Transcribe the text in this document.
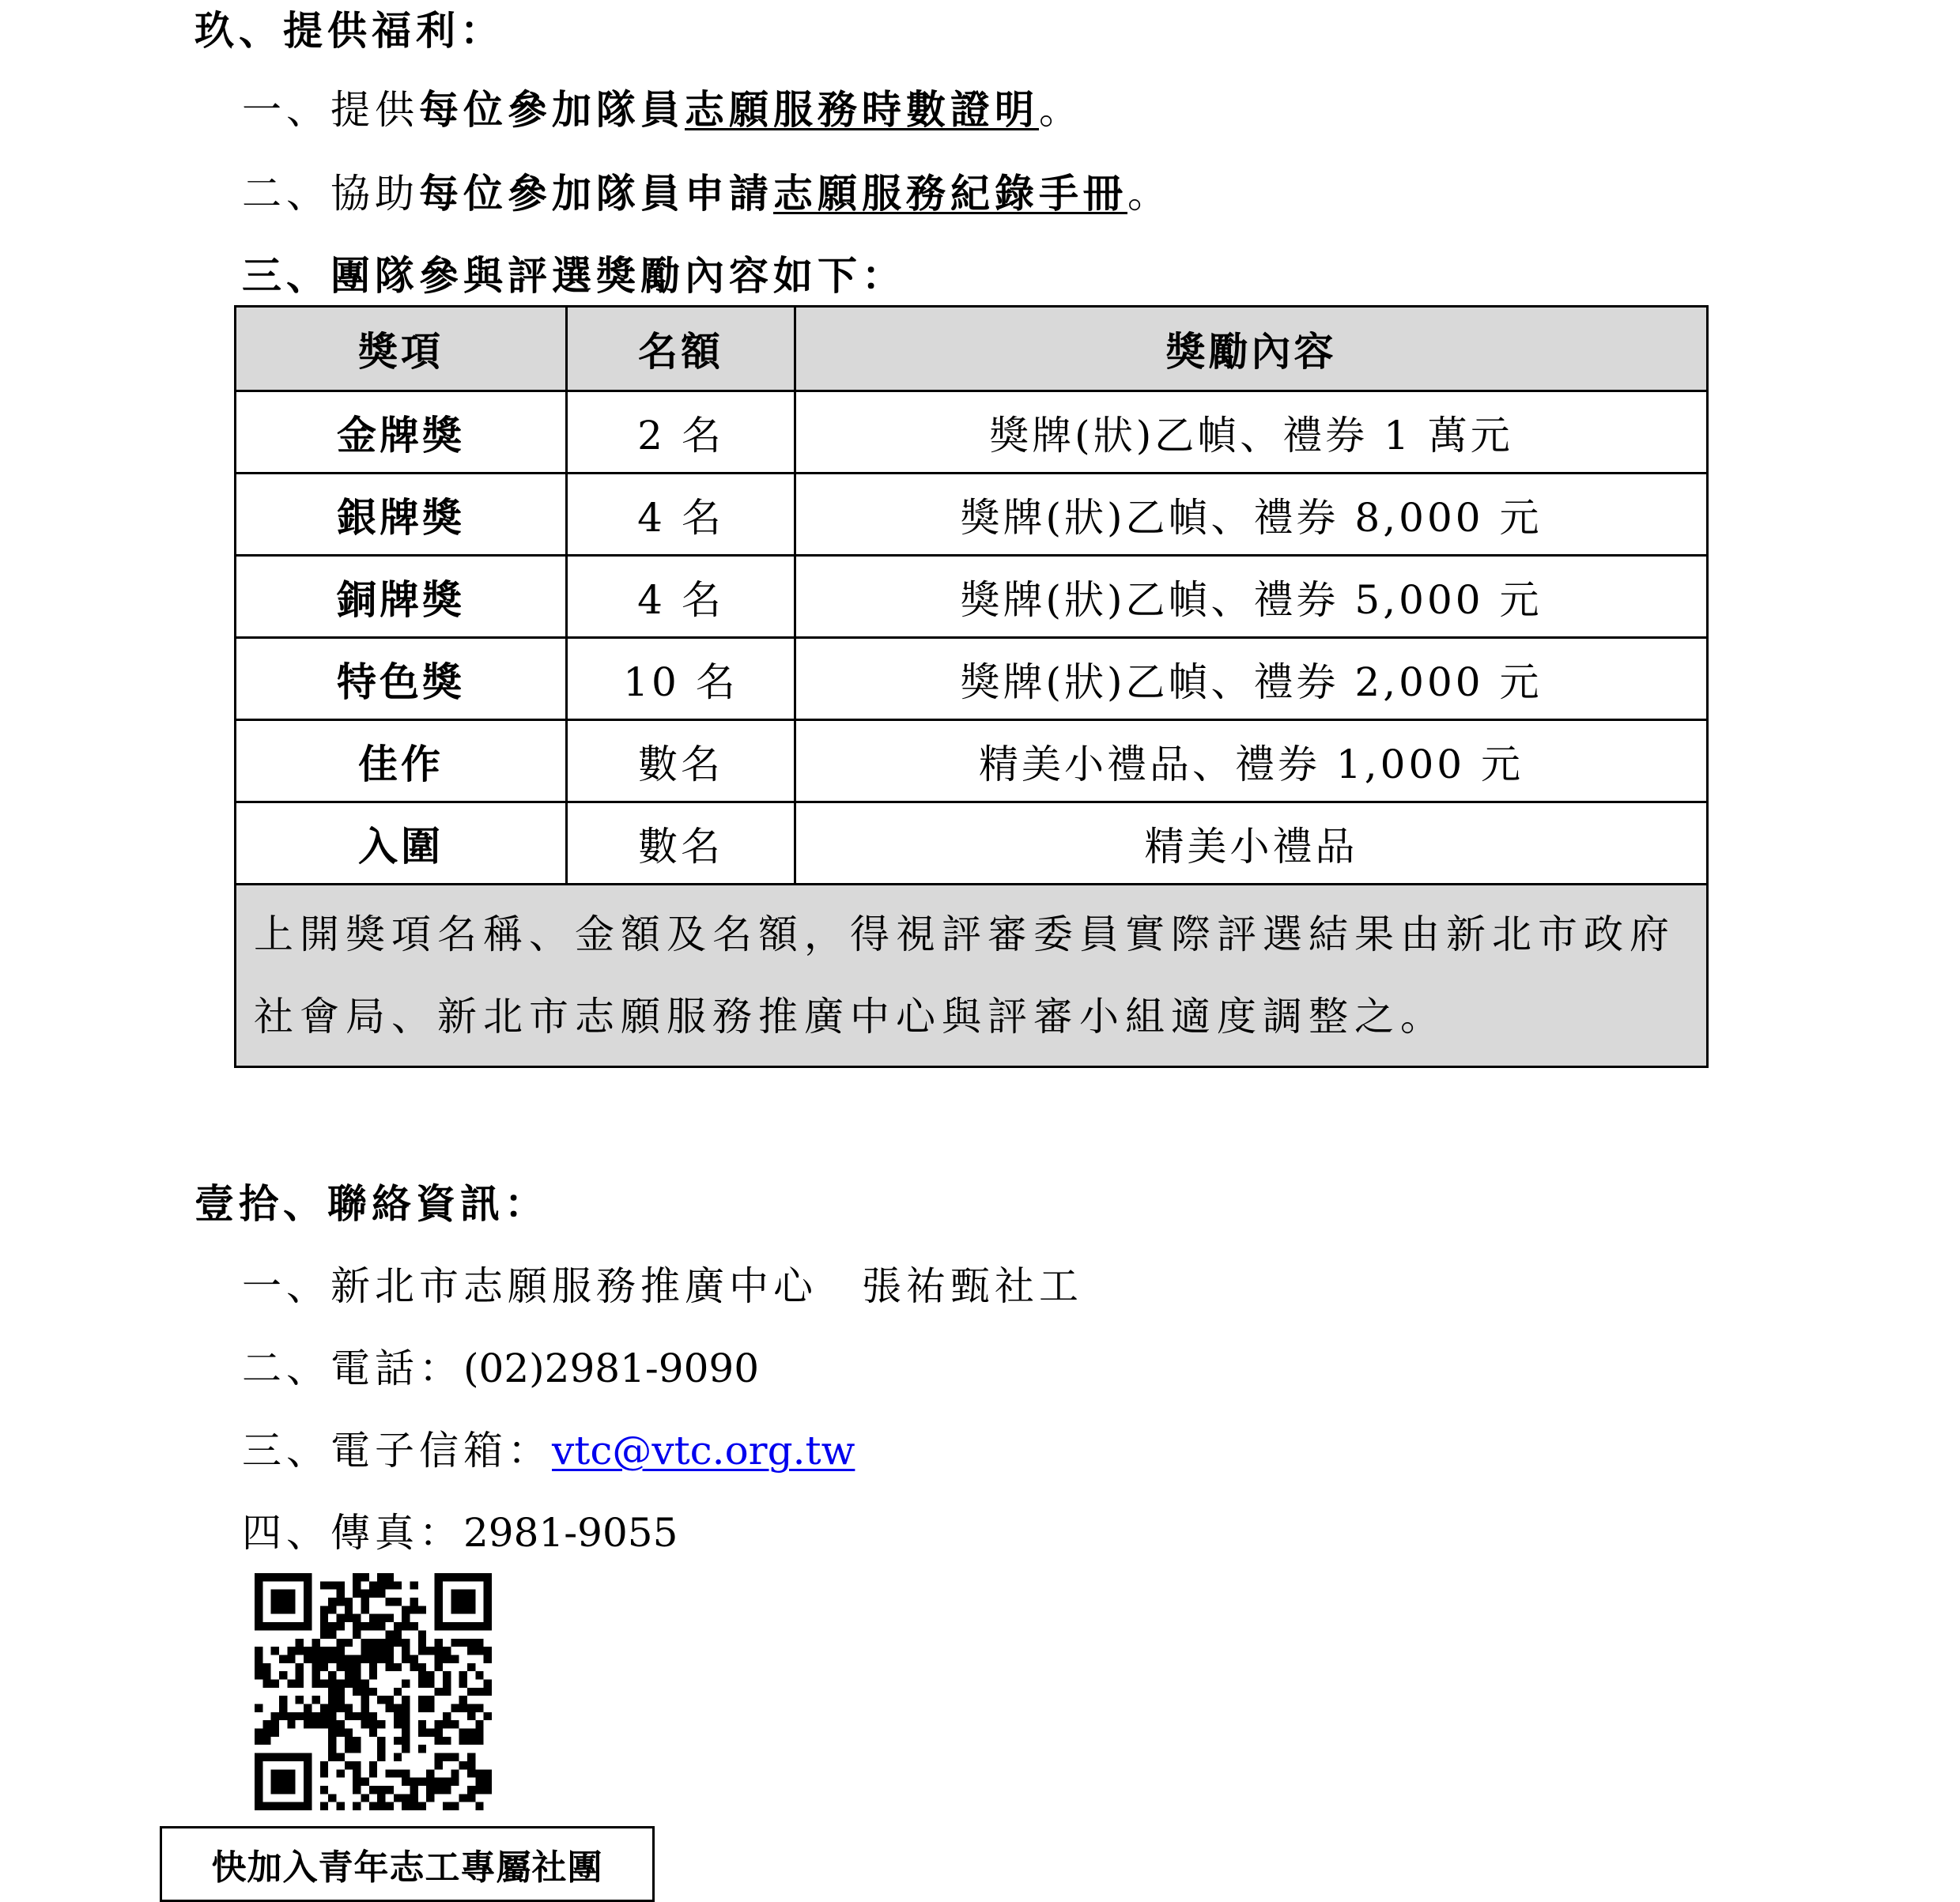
玖、提供福利：
一、提供每位參加隊員志願服務時數證明。
二、協助每位參加隊員申請志願服務紀錄手冊。
三、團隊參與評選獎勵內容如下：
獎項	名額	獎勵內容
金牌獎	2 名	獎牌(狀)乙幀、禮券 1 萬元
銀牌獎	4 名	獎牌(狀)乙幀、禮券 8,000 元
銅牌獎	4 名	獎牌(狀)乙幀、禮券 5,000 元
特色獎	10 名	獎牌(狀)乙幀、禮券 2,000 元
佳作	數名	精美小禮品、禮券 1,000 元
入圍	數名	精美小禮品
上開獎項名稱、金額及名額，得視評審委員實際評選結果由新北市政府社會局、新北市志願服務推廣中心與評審小組適度調整之。		
壹拾、聯絡資訊：
一、新北市志願服務推廣中心　張祐甄社工
二、電話：(02)2981-9090
三、電子信箱：vtc@vtc.org.tw
四、傳真：2981-9055
快加入青年志工專屬社團
